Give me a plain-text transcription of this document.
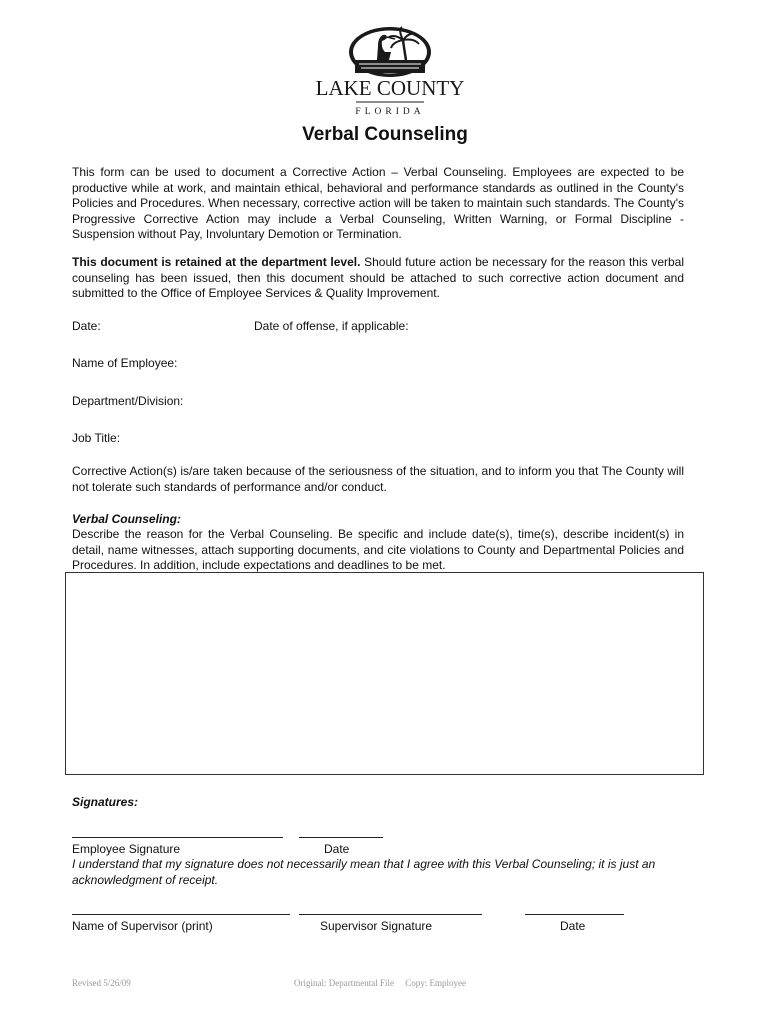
LAKE COUNTY
FLORIDA
Verbal Counseling
This form can be used to document a Corrective Action – Verbal Counseling. Employees are expected to be productive while at work, and maintain ethical, behavioral and performance standards as outlined in the County's Policies and Procedures. When necessary, corrective action will be taken to maintain such standards. The County's Progressive Corrective Action may include a Verbal Counseling, Written Warning, or Formal Discipline - Suspension without Pay, Involuntary Demotion or Termination.
This document is retained at the department level. Should future action be necessary for the reason this verbal counseling has been issued, then this document should be attached to such corrective action document and submitted to the Office of Employee Services & Quality Improvement.
Date:	Date of offense, if applicable:
Name of Employee:
Department/Division:
Job Title:
Corrective Action(s) is/are taken because of the seriousness of the situation, and to inform you that The County will not tolerate such standards of performance and/or conduct.
Verbal Counseling:
Describe the reason for the Verbal Counseling. Be specific and include date(s), time(s), describe incident(s) in detail, name witnesses, attach supporting documents, and cite violations to County and Departmental Policies and Procedures. In addition, include expectations and deadlines to be met.
Signatures:
Employee Signature	Date
I understand that my signature does not necessarily mean that I agree with this Verbal Counseling; it is just an acknowledgment of receipt.
Name of Supervisor (print)	Supervisor Signature	Date
Revised 5/26/09	Original: Departmental File     Copy: Employee
